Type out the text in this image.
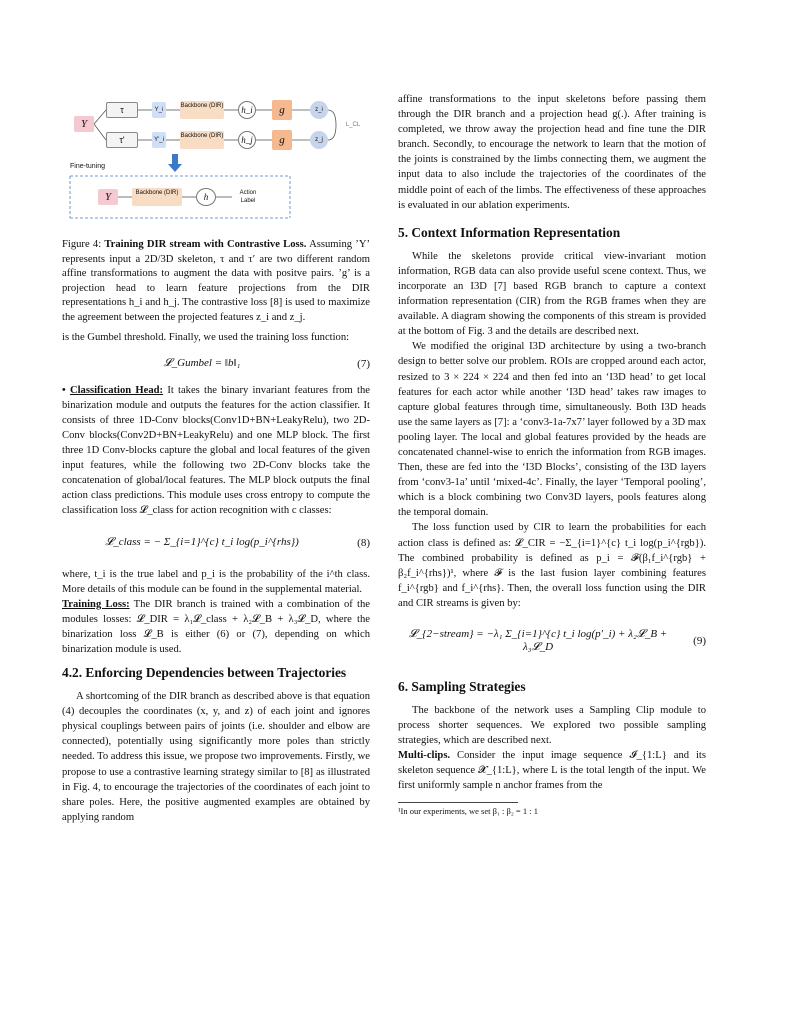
Y
τ
τ'
Y_i
Y'_i
Backbone (DIR)
Backbone (DIR)
h_i
h_j
g
g
z_i
z_j
L_CL
Fine-tuning
Y	Backbone (DIR)	h	Action Label
Figure 4: Training DIR stream with Contrastive Loss. Assuming ’Y’ represents input a 2D/3D skeleton, τ and τ′ are two different random affine transformations to augment the data with positve pairs. ’g’ is a projection head to learn feature projections from the DIR representations h_i and h_j. The contrastive loss [8] is used to maximize the agreement between the projected features z_i and z_j.

is the Gumbel threshold. Finally, we used the training loss function:

𝓛_Gumbel = ‖b‖₁	(7)

• Classification Head: It takes the binary invariant features from the binarization module and outputs the features for the action classifier. It consists of three 1D-Conv blocks(Conv1D+BN+LeakyRelu), two 2D-Conv blocks(Conv2D+BN+LeakyRelu) and one MLP block. The first three 1D Conv-blocks capture the global and local features of the given input features, while the following two 2D-Conv blocks take the concatenation of global/local features. The MLP block outputs the final action class predictions. This module uses cross entropy to compute the classification loss 𝓛_class for action recognition with c classes:

𝓛_class = − Σ_{i=1}^{c} t_i log(p_i^{rhs})	(8)

where, t_i is the true label and p_i is the probability of the i^th class. More details of this module can be found in the supplemental material.

Training Loss: The DIR branch is trained with a combination of the modules losses: 𝓛_DIR = λ₁𝓛_class + λ₂𝓛_B + λ₃𝓛_D, where the binarization loss 𝓛_B is either (6) or (7), depending on which binarization module is used.

4.2. Enforcing Dependencies between Trajectories

A shortcoming of the DIR branch as described above is that equation (4) decouples the coordinates (x, y, and z) of each joint and ignores physical couplings between pairs of joints (i.e. shoulder and elbow are connected), potentially using significantly more poles than strictly needed. To address this issue, we propose two improvements. Firstly, we propose to use a contrastive learning strategy similar to [8] as illustrated in Fig. 4, to encourage the trajectories of the coordinates of each joint to share poles. Here, the positive augmented examples are obtained by applying random

affine transformations to the input skeletons before passing them through the DIR branch and a projection head g(.). After training is completed, we throw away the projection head and fine tune the DIR branch. Secondly, to encourage the network to learn that the motion of the joints is constrained by the limbs connecting them, we augment the input data to also include the trajectories of the coordinates of the middle point of each of the limbs. The effectiveness of these approaches is evaluated in our ablation experiments.

5. Context Information Representation

While the skeletons provide critical view-invariant motion information, RGB data can also provide useful scene context. Thus, we incorporate an I3D [7] based RGB branch to capture a context information representation (CIR) from the RGB frames when they are available. A diagram showing the components of this stream is provided at the bottom of Fig. 3 and the details are described next.

We modified the original I3D architecture by using a two-branch design to better solve our problem. ROIs are cropped around each actor, resized to 3 × 224 × 224 and then fed into an ‘I3D head’ to get local features for each actor while another ‘I3D head’ takes raw images to capture global features through time, simultaneously. Both I3D heads use the same layers as [7]: a ‘conv3-1a-7x7’ layer followed by a 3D max pooling layer. The local and global features provided by the heads are concatenated channel-wise to enrich the information from RGB images. Then, these are fed into the ‘I3D Blocks’, consisting of the I3D layers from ‘conv3-1a’ until ‘mixed-4c’. Finally, the layer ‘Temporal pooling’, which is a block combining two Conv3D layers, pools features along the temporal domain.

The loss function used by CIR to learn the probabilities for each action class is defined as: 𝓛_CIR = −Σ_{i=1}^{c} t_i log(p_i^{rgb}). The combined probability is defined as p_i = 𝓕(β₁f_i^{rgb} + β₂f_i^{rhs})¹, where 𝓕 is the last fusion layer combining features f_i^{rgb} and f_i^{rhs}. Then, the overall loss function using the DIR and CIR streams is given by:

𝓛_{2−stream} = −λ₁ Σ_{i=1}^{c} t_i log(p′_i) + λ₂𝓛_B + λ₃𝓛_D	(9)
6. Sampling Strategies

The backbone of the network uses a Sampling Clip module to process shorter sequences. We explored two possible sampling strategies, which are described next.

Multi-clips. Consider the input image sequence 𝓘_{1:L} and its skeleton sequence 𝓧_{1:L}, where L is the total length of the input. We first uniformly sample n anchor frames from the

¹In our experiments, we set β₁ : β₂ = 1 : 1
